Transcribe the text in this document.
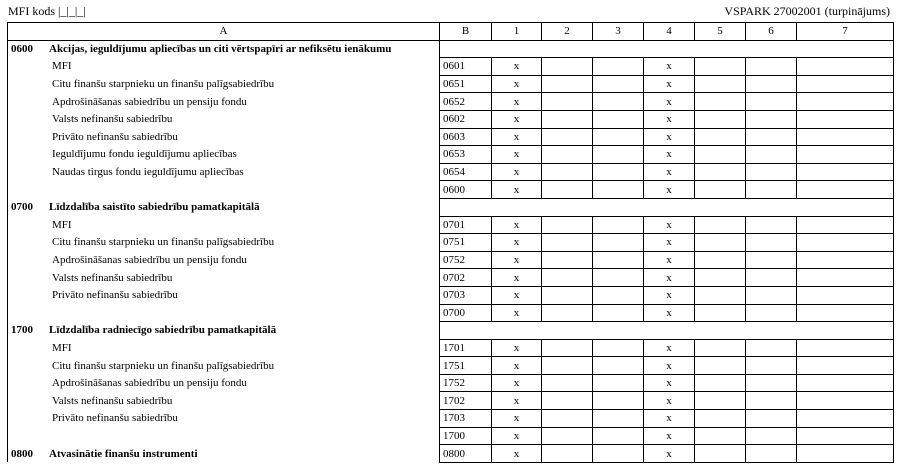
MFI kods |_|_|_|	VSPARK 27002001 (turpinājums)
A	B	1	2	3	4	5	6	7
0600 Akcijas, ieguldījumu apliecības un citi vērtspapīri ar nefiksētu ienākumu								
MFI	0601	x			x			
Citu finanšu starpnieku un finanšu palīgsabiedrību	0651	x			x			
Apdrošināšanas sabiedrību un pensiju fondu	0652	x			x			
Valsts nefinanšu sabiedrību	0602	x			x			
Privāto nefinanšu sabiedrību	0603	x			x			
Ieguldījumu fondu ieguldījumu apliecības	0653	x			x			
Naudas tirgus fondu ieguldījumu apliecības	0654	x			x			
	0600	x			x			
0700 Līdzdalība saistīto sabiedrību pamatkapitālā								
MFI	0701	x			x			
Citu finanšu starpnieku un finanšu palīgsabiedrību	0751	x			x			
Apdrošināšanas sabiedrību un pensiju fondu	0752	x			x			
Valsts nefinanšu sabiedrību	0702	x			x			
Privāto nefinanšu sabiedrību	0703	x			x			
	0700	x			x			
1700 Līdzdalība radniecīgo sabiedrību pamatkapitālā								
MFI	1701	x			x			
Citu finanšu starpnieku un finanšu palīgsabiedrību	1751	x			x			
Apdrošināšanas sabiedrību un pensiju fondu	1752	x			x			
Valsts nefinanšu sabiedrību	1702	x			x			
Privāto nefinanšu sabiedrību	1703	x			x			
	1700	x			x			
0800 Atvasinātie finanšu instrumenti	0800	x			x			
